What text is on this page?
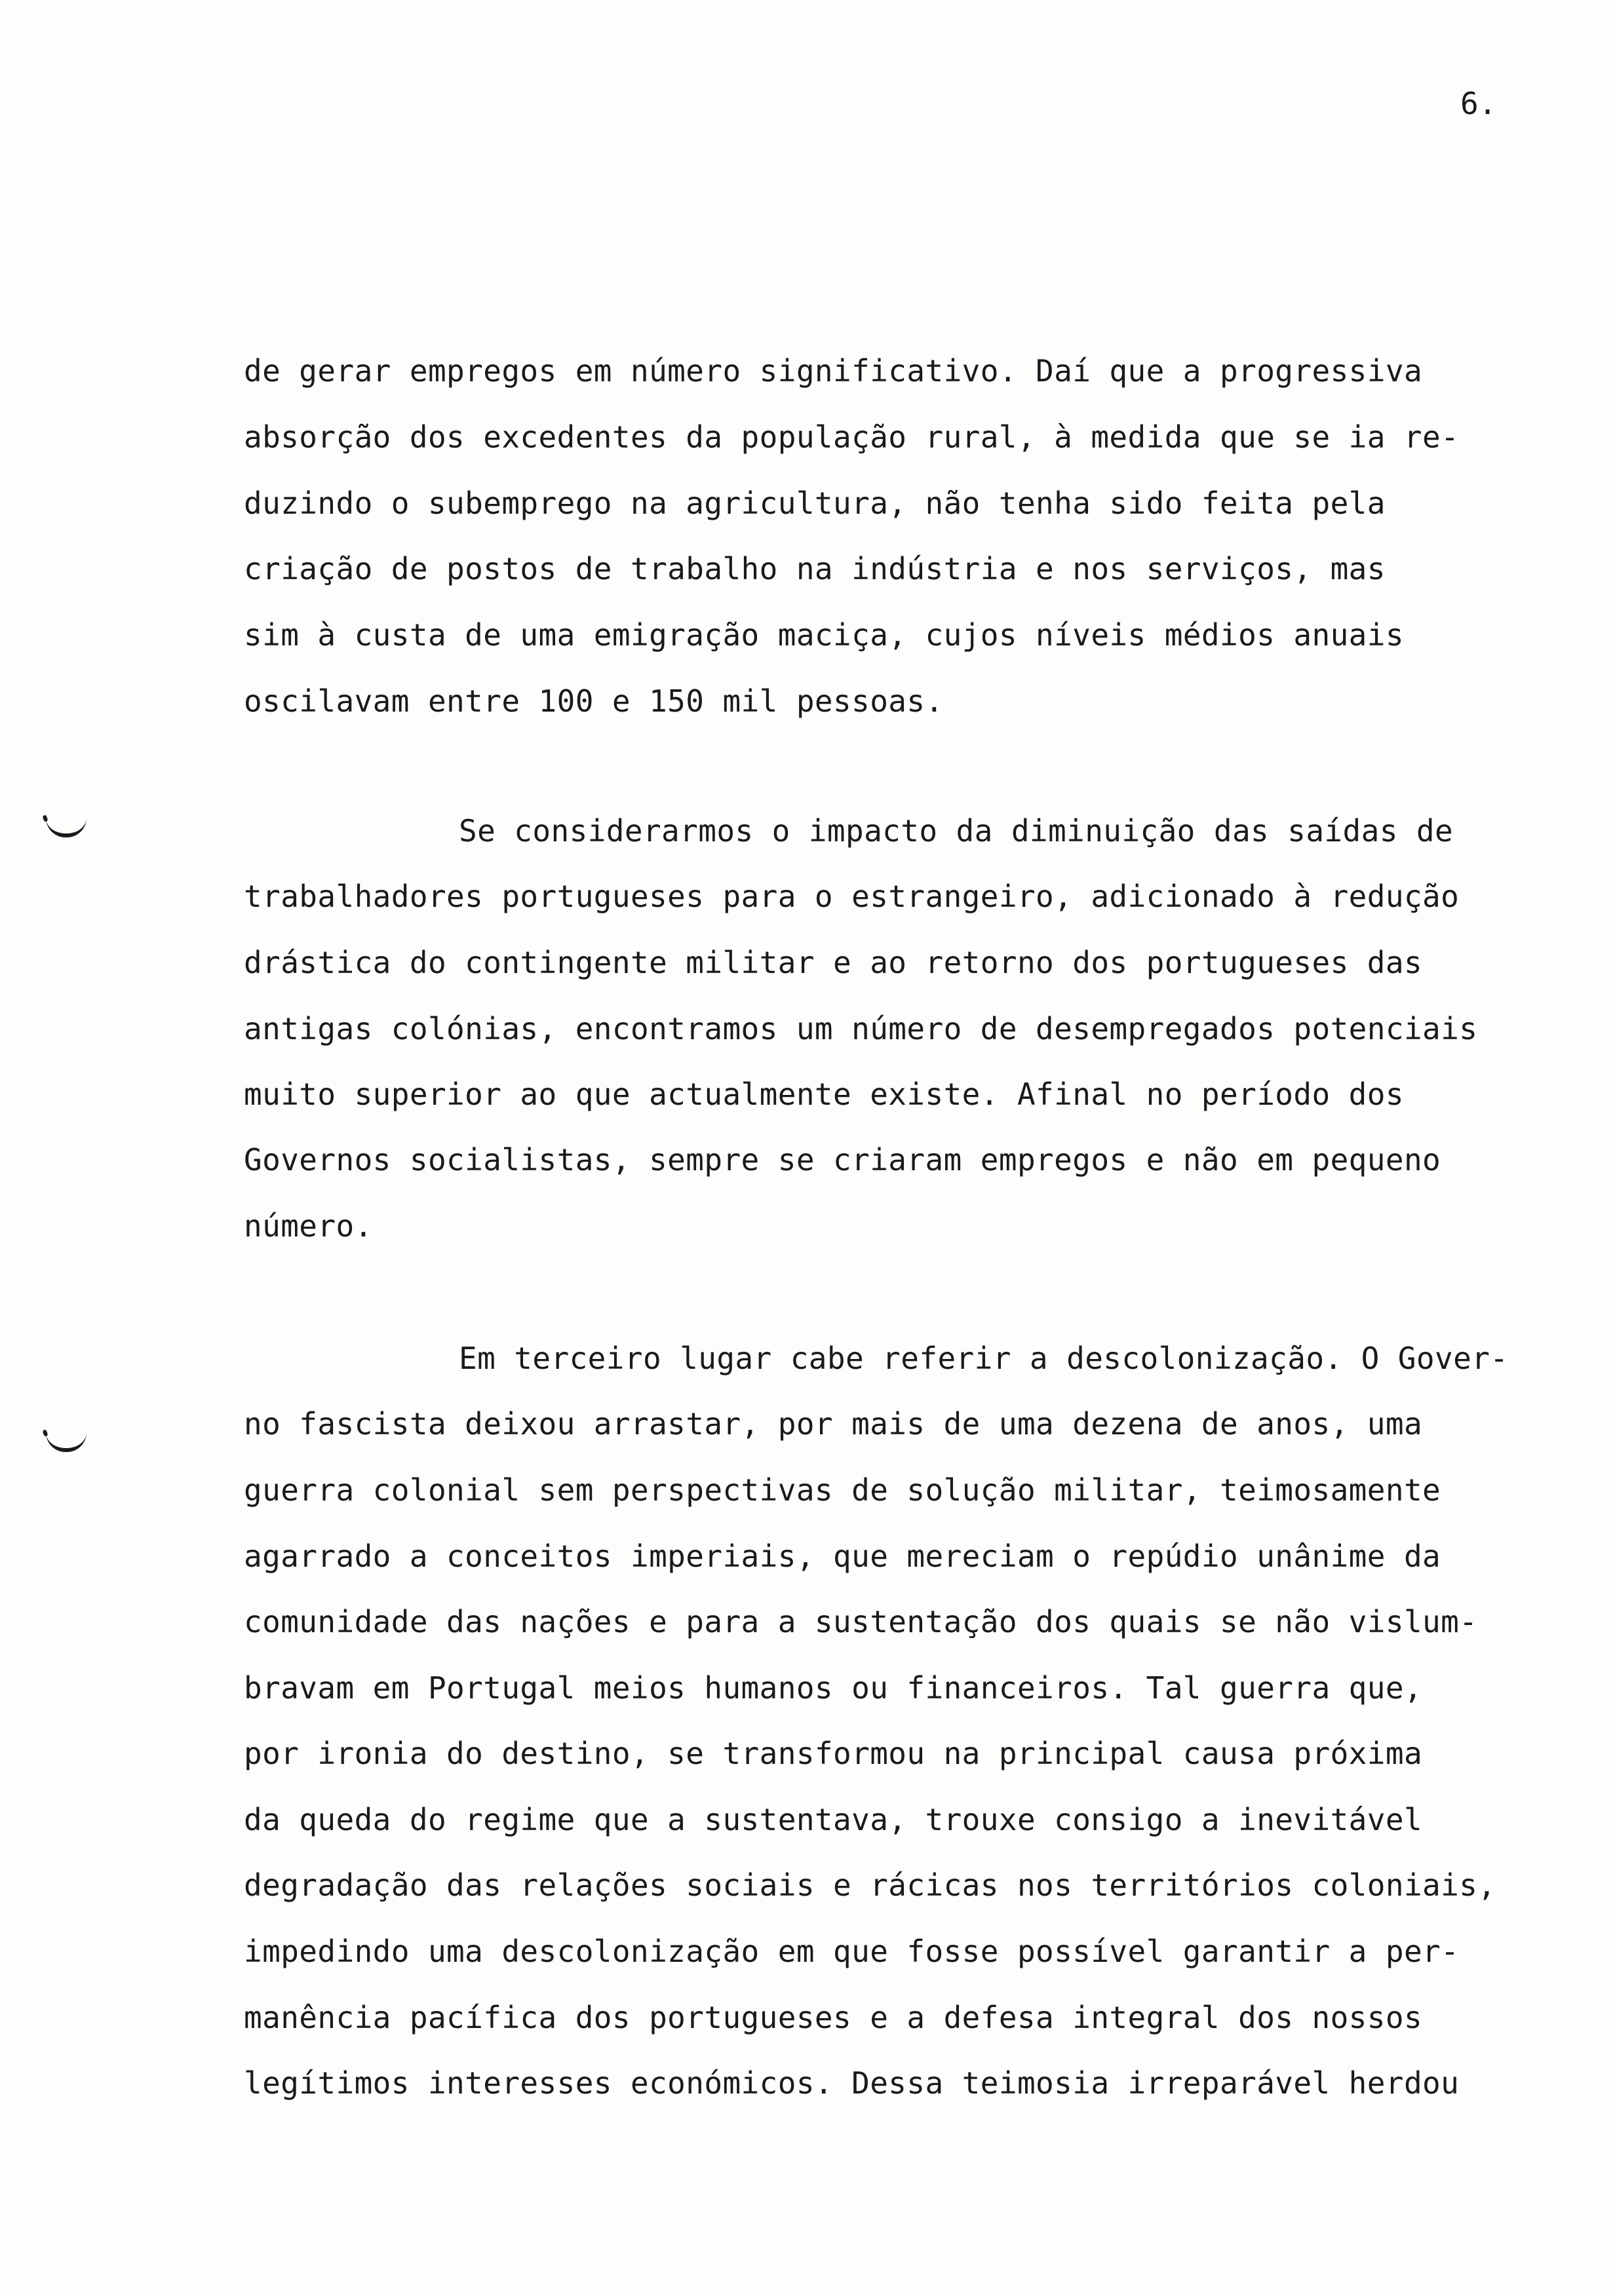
6.
de gerar empregos em número significativo. Daí que a progressiva
absorção dos excedentes da população rural, à medida que se ia re-
duzindo o subemprego na agricultura, não tenha sido feita pela
criação de postos de trabalho na indústria e nos serviços, mas
sim à custa de uma emigração maciça, cujos níveis médios anuais
oscilavam entre 100 e 150 mil pessoas.
Se considerarmos o impacto da diminuição das saídas de
trabalhadores portugueses para o estrangeiro, adicionado à redução
drástica do contingente militar e ao retorno dos portugueses das
antigas colónias, encontramos um número de desempregados potenciais
muito superior ao que actualmente existe. Afinal no período dos
Governos socialistas, sempre se criaram empregos e não em pequeno
número.
Em terceiro lugar cabe referir a descolonização. O Gover-
no fascista deixou arrastar, por mais de uma dezena de anos, uma
guerra colonial sem perspectivas de solução militar, teimosamente
agarrado a conceitos imperiais, que mereciam o repúdio unânime da
comunidade das nações e para a sustentação dos quais se não vislum-
bravam em Portugal meios humanos ou financeiros. Tal guerra que,
por ironia do destino, se transformou na principal causa próxima
da queda do regime que a sustentava, trouxe consigo a inevitável
degradação das relações sociais e rácicas nos territórios coloniais,
impedindo uma descolonização em que fosse possível garantir a per-
manência pacífica dos portugueses e a defesa integral dos nossos
legítimos interesses económicos. Dessa teimosia irreparável herdou
